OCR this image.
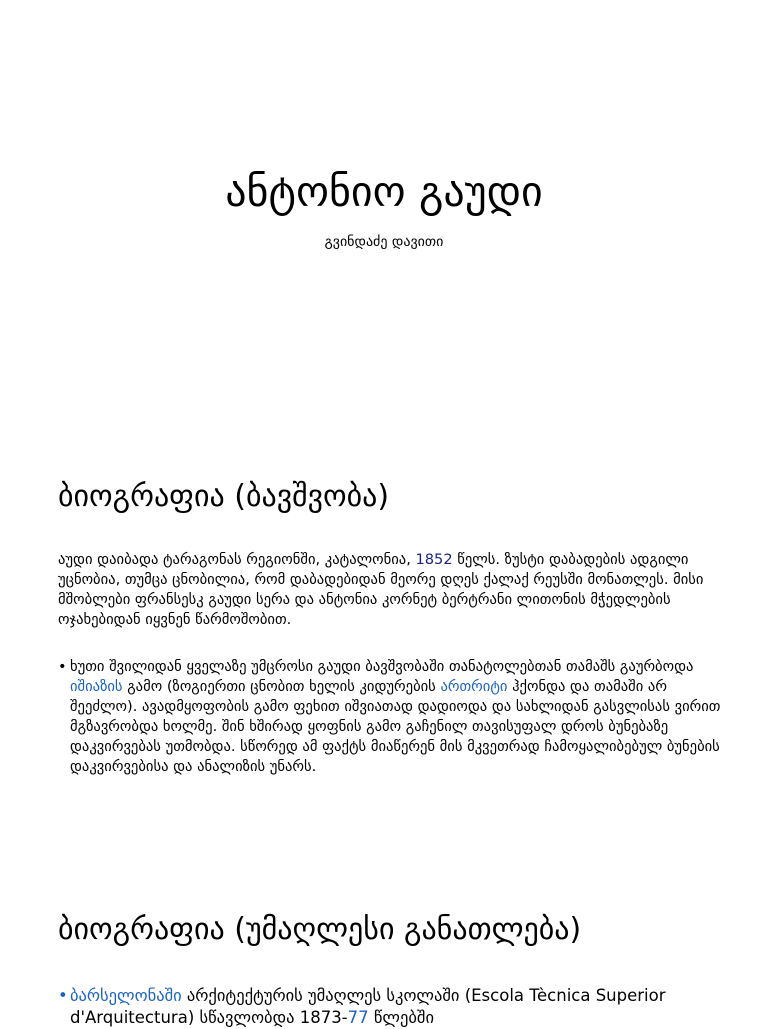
ანტონიო გაუდი

გვინდაძე დავითი

ბიოგრაფია (ბავშვობა)

აუდი დაიბადა ტარაგონას რეგიონში, კატალონია, 1852 წელს. ზუსტი დაბადების ადგილი უცნობია, თუმცა ცნობილია, რომ დაბადებიდან მეორე დღეს ქალაქ რეუსში მონათლეს. მისი მშობლები ფრანსესკ გაუდი სერა და ანტონია კორნეტ ბერტრანი ლითონის მჭედლების ოჯახებიდან იყვნენ წარმოშობით.

• ხუთი შვილიდან ყველაზე უმცროსი გაუდი ბავშვობაში თანატოლებთან თამაშს გაურბოდა იშიაზის გამო (ზოგიერთი ცნობით ხელის კიდურების ართრიტი ჰქონდა და თამაში არ შეეძლო). ავადმყოფობის გამო ფეხით იშვიათად დადიოდა და სახლიდან გასვლისას ვირით მგზავრობდა ხოლმე. შინ ხშირად ყოფნის გამო გაჩენილ თავისუფალ დროს ბუნებაზე დაკვირვებას უთმობდა. სწორედ ამ ფაქტს მიაწერენ მის მკვეთრად ჩამოყალიბებულ ბუნების დაკვირვებისა და ანალიზის უნარს.

ბიოგრაფია (უმაღლესი განათლება)

• ბარსელონაში არქიტექტურის უმაღლეს სკოლაში (Escola Tècnica Superior d'Arquitectura) სწავლობდა 1873-77 წლებში
